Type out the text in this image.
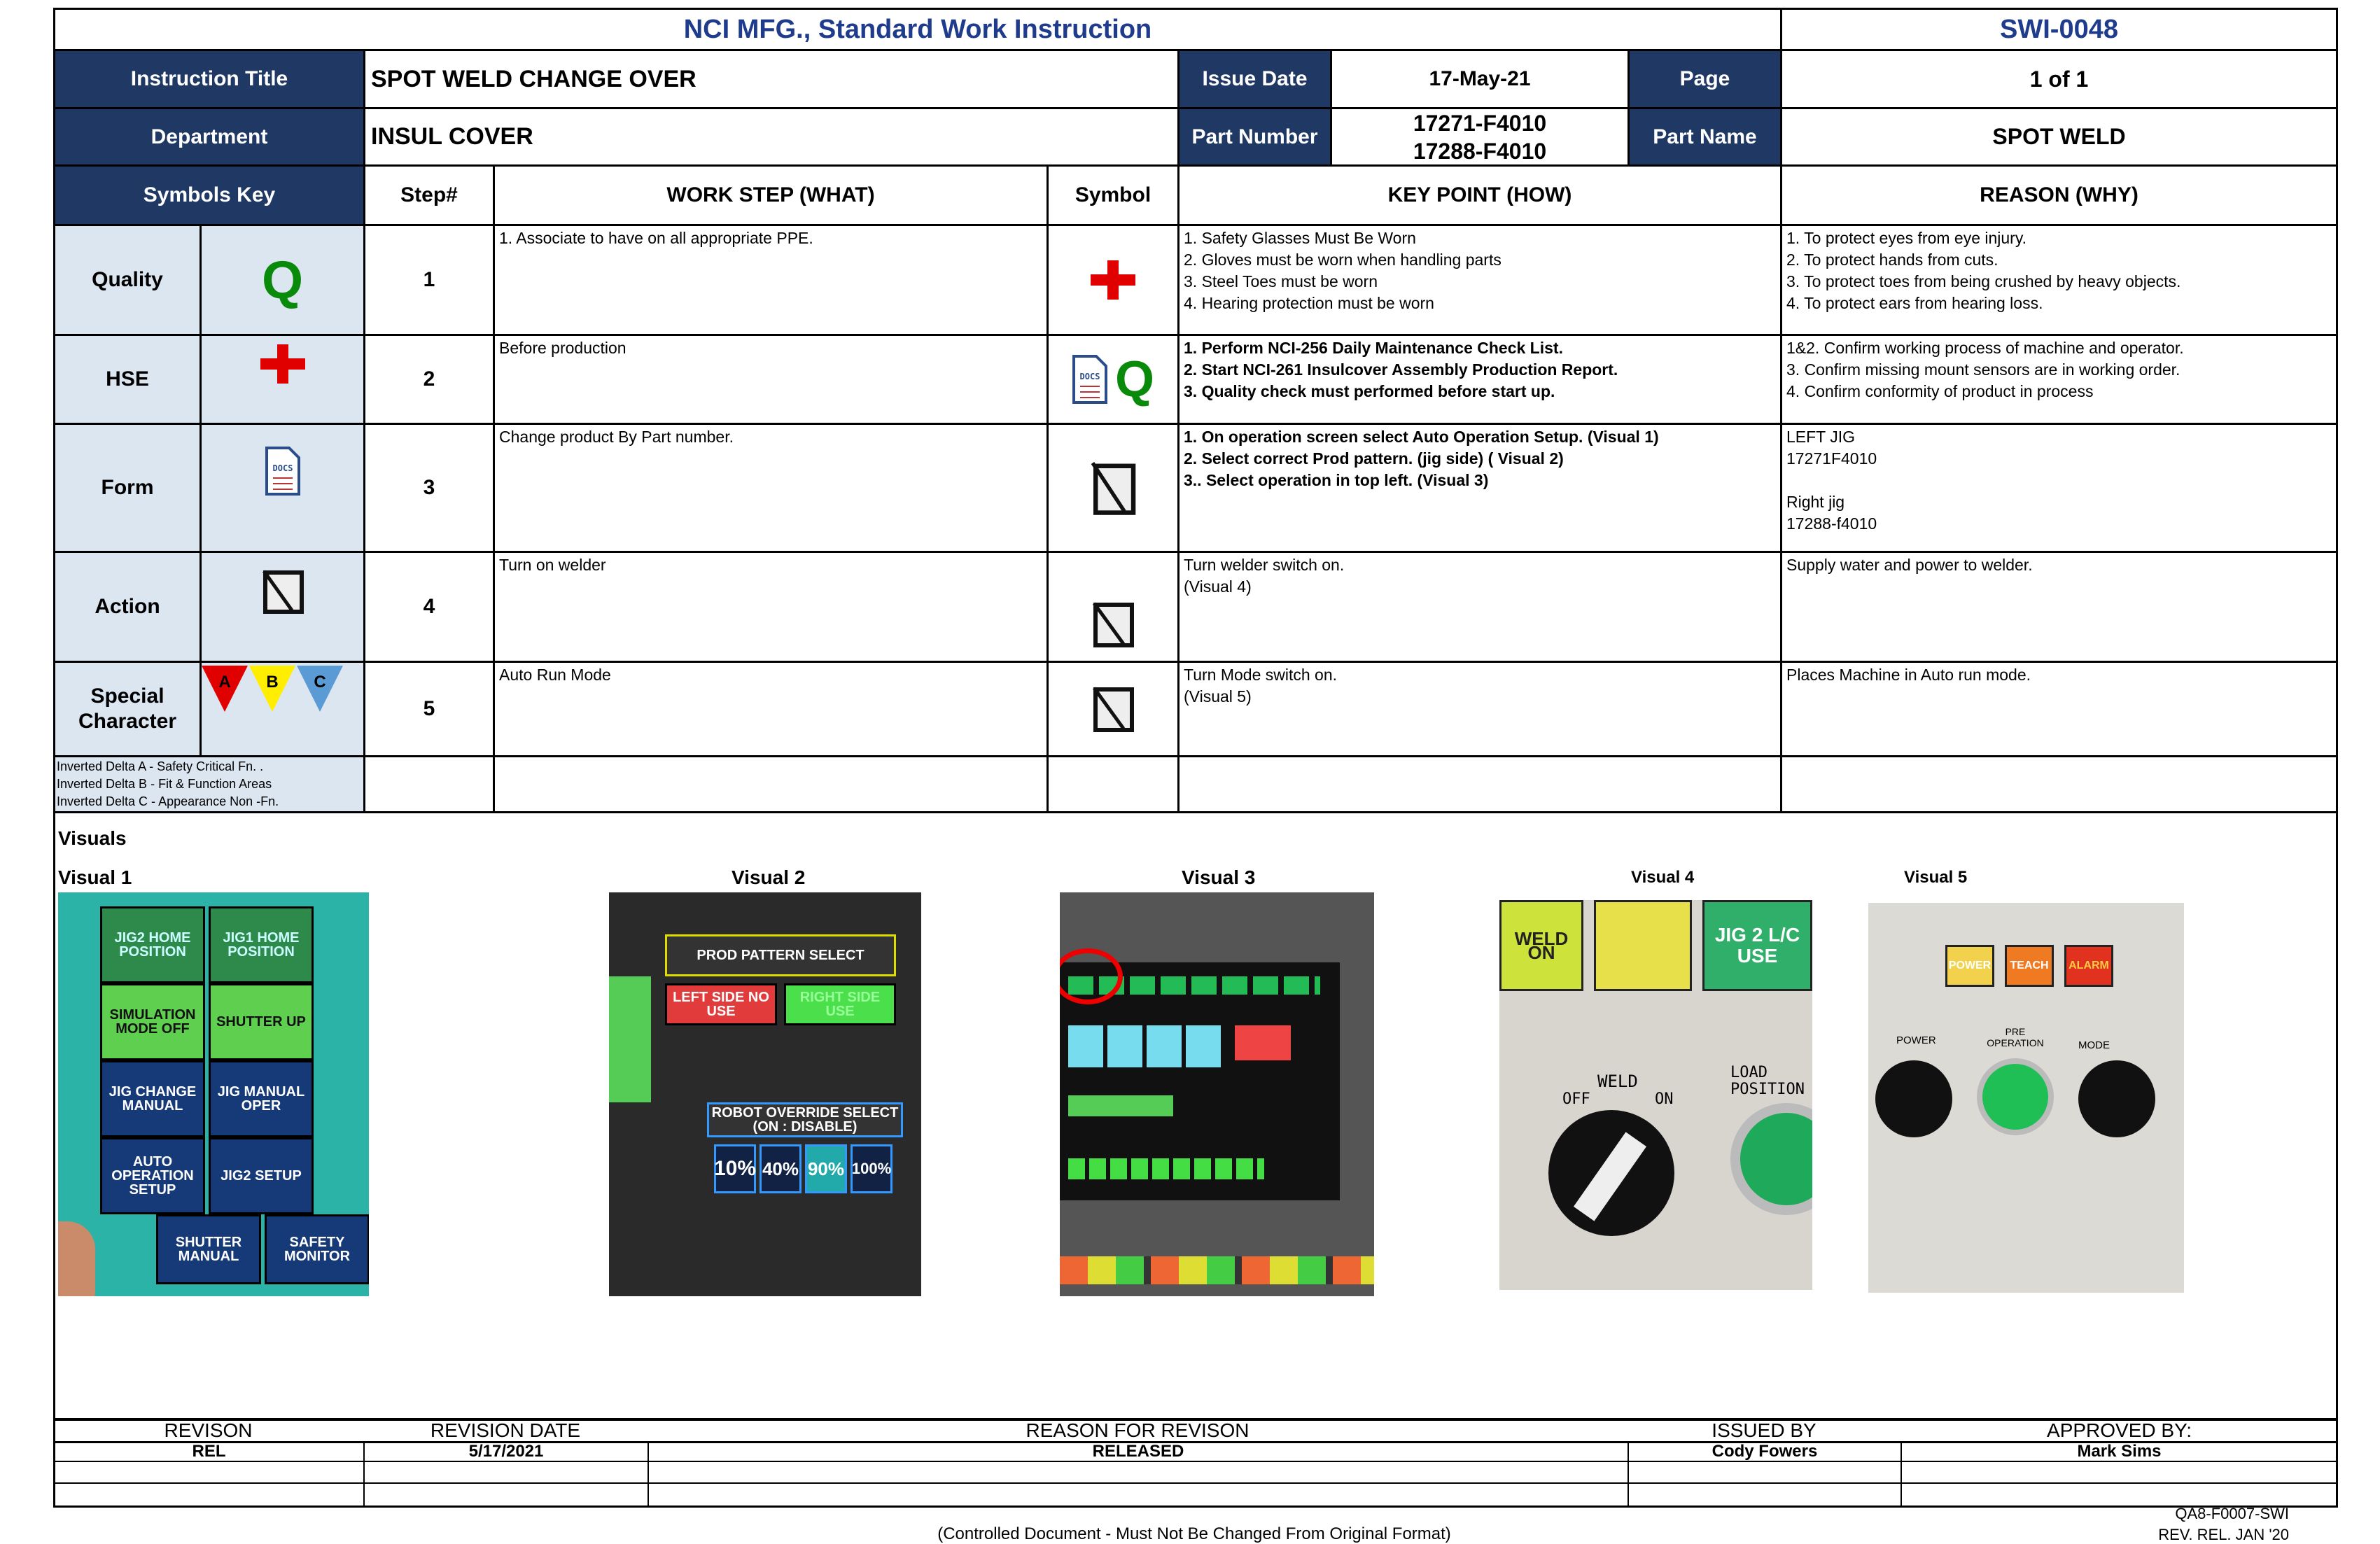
NCI MFG., Standard Work Instruction	SWI-0048
Instruction Title	SPOT WELD CHANGE OVER	Issue Date	17-May-21	Page	1 of 1
Department	INSUL COVER	Part Number
17271-F4010
17288-F4010
Part Name	SPOT WELD
Symbols Key	Step#	WORK STEP (WHAT)	Symbol	KEY POINT (HOW)	REASON (WHY)
Quality	Q
HSE
Form
DOCS
Action
Special Character
A	B	C
Inverted Delta A - Safety Critical Fn. .
Inverted Delta B - Fit & Function Areas
Inverted Delta C - Appearance Non -Fn.
1
1. Associate to have on all appropriate PPE.	1. Safety Glasses Must Be Worn
2. Gloves must be worn when handling parts
3. Steel Toes must be worn
4. Hearing protection must be worn
1. To protect eyes from eye injury.
2. To protect hands from cuts.
3. To protect toes from being crushed by heavy objects.
4. To protect ears from hearing loss.
2
Before production
DOCS Q
1. Perform NCI-256 Daily Maintenance Check List.
2. Start NCI-261 Insulcover Assembly Production Report.
3. Quality check must performed before start up.
1&2. Confirm working process of machine and operator.
3. Confirm missing mount sensors are in working order.
4. Confirm conformity of product in process
3
Change product By Part number.	1. On operation screen select Auto Operation Setup. (Visual 1)
2. Select correct Prod pattern. (jig side) ( Visual 2)
3.. Select operation in top left. (Visual 3)
LEFT JIG
17271F4010
Right jig
17288-f4010
4
Turn on welder	Turn welder switch on.
(Visual 4)
Supply water and power to welder.
5
Auto Run Mode	Turn Mode switch on.
(Visual 5)
Places Machine in Auto run mode.
Visuals
Visual 1	Visual 2	Visual 3	Visual 4	Visual 5
JIG2 HOME POSITION
JIG1 HOME POSITION
SIMULATION MODE OFF	SHUTTER UP
JIG CHANGE MANUAL
JIG MANUAL OPER
AUTO OPERATION SETUP
JIG2 SETUP
SHUTTER MANUAL
SAFETY MONITOR
PROD PATTERN SELECT
LEFT SIDE NO USE
RIGHT SIDE USE
ROBOT OVERRIDE SELECT (ON : DISABLE)
10% 40% 90% 100%
WELD ON
JIG 2 L/C USE
WELD
OFF	ON
LOAD POSITION
POWER	TEACH	ALARM
POWER
PRE OPERATION	MODE
REVISON	REVISION DATE	REASON FOR REVISON	ISSUED BY	APPROVED BY:
REL	5/17/2021	RELEASED	Cody Fowers	Mark Sims
(Controlled Document - Must Not Be Changed From Original Format)
QA8-F0007-SWI
REV. REL. JAN '20
